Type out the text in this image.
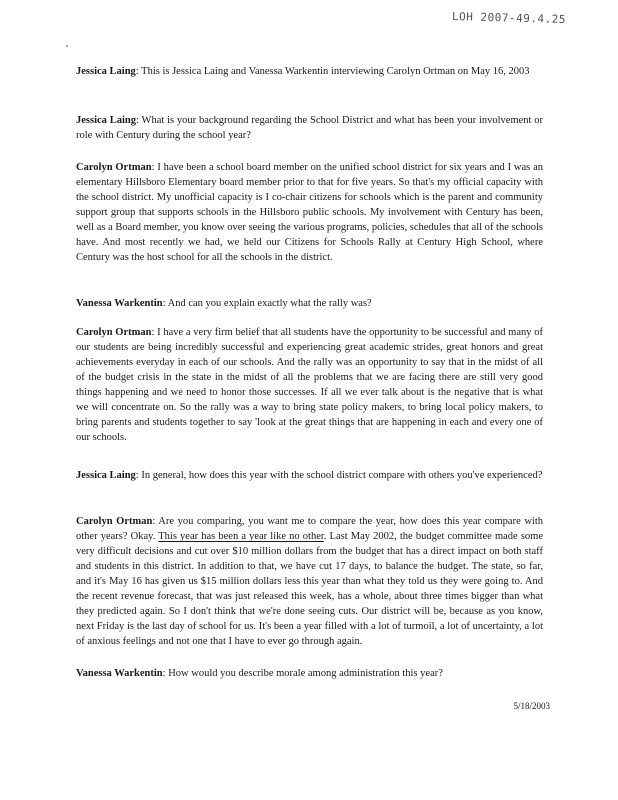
LOH 2007-49.4.25

Jessica Laing: This is Jessica Laing and Vanessa Warkentin interviewing Carolyn Ortman on May 16, 2003

Jessica Laing: What is your background regarding the School District and what has been your involvement or role with Century during the school year?

Carolyn Ortman: I have been a school board member on the unified school district for six years and I was an elementary Hillsboro Elementary board member prior to that for five years. So that's my official capacity with the school district. My unofficial capacity is I co-chair citizens for schools which is the parent and community support group that supports schools in the Hillsboro public schools. My involvement with Century has been, well as a Board member, you know over seeing the various programs, policies, schedules that all of the schools have. And most recently we had, we held our Citizens for Schools Rally at Century High School, where Century was the host school for all the schools in the district.

Vanessa Warkentin: And can you explain exactly what the rally was?

Carolyn Ortman: I have a very firm belief that all students have the opportunity to be successful and many of our students are being incredibly successful and experiencing great academic strides, great honors and great achievements everyday in each of our schools. And the rally was an opportunity to say that in the midst of all of the budget crisis in the state in the midst of all the problems that we are facing there are still very good things happening and we need to honor those successes. If all we ever talk about is the negative that is what we will concentrate on. So the rally was a way to bring state policy makers, to bring local policy makers, to bring parents and students together to say 'look at the great things that are happening in each and every one of our schools.

Jessica Laing: In general, how does this year with the school district compare with others you've experienced?

Carolyn Ortman: Are you comparing, you want me to compare the year, how does this year compare with other years? Okay. This year has been a year like no other. Last May 2002, the budget committee made some very difficult decisions and cut over $10 million dollars from the budget that has a direct impact on both staff and students in this district. In addition to that, we have cut 17 days, to balance the budget. The state, so far, and it's May 16 has given us $15 million dollars less this year than what they told us they were going to. And the recent revenue forecast, that was just released this week, has a whole, about three times bigger than what they predicted again. So I don't think that we're done seeing cuts. Our district will be, because as you know, next Friday is the last day of school for us. It's been a year filled with a lot of turmoil, a lot of uncertainty, a lot of anxious feelings and not one that I have to ever go through again.

Vanessa Warkentin: How would you describe morale among administration this year?

5/18/2003
